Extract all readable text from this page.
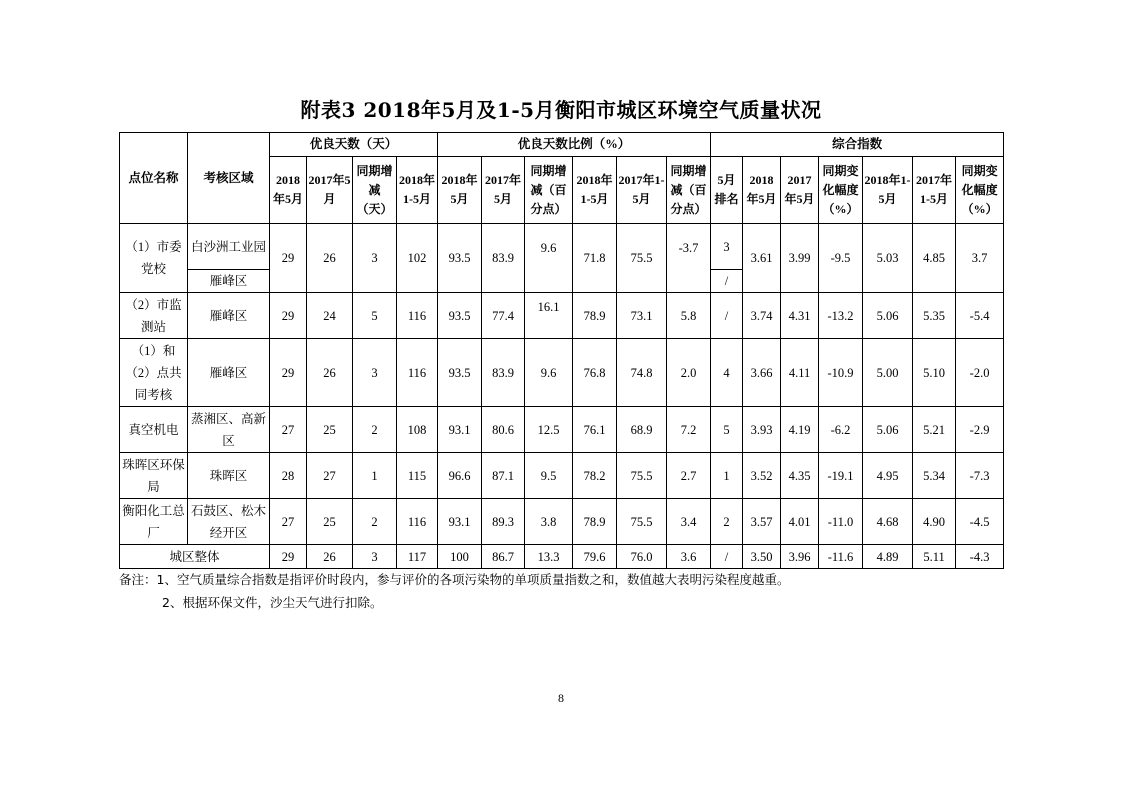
附表3 2018年5月及1-5月衡阳市城区环境空气质量状况
点位名称	考核区域	优良天数（天）				优良天数比例（%）						综合指数						
		2018年5月	2017年5月	同期增减（天）	2018年1-5月	2018年5月	2017年5月	同期增减（百分点）	2018年1-5月	2017年1-5月	同期增减（百分点）	5月排名	2018年5月	2017年5月	同期变化幅度（%）	2018年1-5月	2017年1-5月	同期变化幅度（%）
（1）市委党校	白沙洲工业园	29	26	3	102	93.5	83.9	9.6	71.8	75.5	-3.7	3	3.61	3.99	-9.5	5.03	4.85	3.7
	雁峰区											/						
（2）市监测站	雁峰区	29	24	5	116	93.5	77.4	16.1	78.9	73.1	5.8	/	3.74	4.31	-13.2	5.06	5.35	-5.4
（1）和（2）点共同考核	雁峰区	29	26	3	116	93.5	83.9	9.6	76.8	74.8	2.0	4	3.66	4.11	-10.9	5.00	5.10	-2.0
真空机电	蒸湘区、高新区	27	25	2	108	93.1	80.6	12.5	76.1	68.9	7.2	5	3.93	4.19	-6.2	5.06	5.21	-2.9
珠晖区环保局	珠晖区	28	27	1	115	96.6	87.1	9.5	78.2	75.5	2.7	1	3.52	4.35	-19.1	4.95	5.34	-7.3
衡阳化工总厂	石鼓区、松木经开区	27	25	2	116	93.1	89.3	3.8	78.9	75.5	3.4	2	3.57	4.01	-11.0	4.68	4.90	-4.5
城区整体		29	26	3	117	100	86.7	13.3	79.6	76.0	3.6	/	3.50	3.96	-11.6	4.89	5.11	-4.3
备注：1、空气质量综合指数是指评价时段内，参与评价的各项污染物的单项质量指数之和，数值越大表明污染程度越重。
2、根据环保文件，沙尘天气进行扣除。
8
